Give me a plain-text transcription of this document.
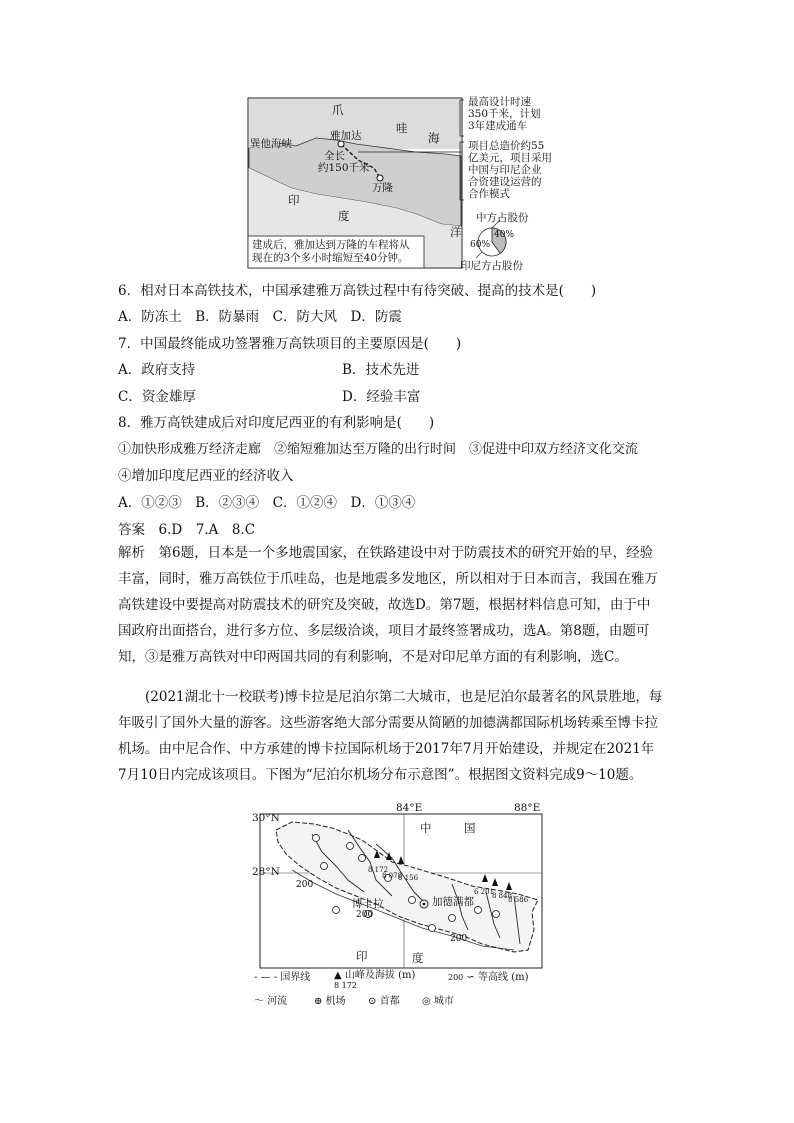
爪
哇
海
巽他海峡
雅加达
全长
约150千米
万隆
印
度
洋
建成后，雅加达到万隆的车程将从
现在的3个多小时缩短至40分钟。
最高设计时速
350千米，计划
3年建成通车
项目总造价约55
亿美元，项目采用
中国与印尼企业
合资建设运营的
合作模式
中方占股份
40%
60%
印尼方占股份
6．相对日本高铁技术，中国承建雅万高铁过程中有待突破、提高的技术是(　　)
A．防冻土　B．防暴雨　C．防大风　D．防震
7．中国最终能成功签署雅万高铁项目的主要原因是(　　)
A．政府支持	B．技术先进
C．资金雄厚	D．经验丰富
8．雅万高铁建成后对印度尼西亚的有利影响是(　　)
①加快形成雅万经济走廊　②缩短雅加达至万隆的出行时间　③促进中印双方经济文化交流
④增加印度尼西亚的经济收入
A．①②③　B．②③④　C．①②④　D．①③④
答案　6.D　7.A　8.C
解析　第6题，日本是一个多地震国家，在铁路建设中对于防震技术的研究开始的早，经验
丰富，同时，雅万高铁位于爪哇岛，也是地震多发地区，所以相对于日本而言，我国在雅万
高铁建设中要提高对防震技术的研究及突破，故选D。第7题，根据材料信息可知，由于中
国政府出面搭台，进行多方位、多层级洽谈，项目才最终签署成功，选A。第8题，由题可
知，③是雅万高铁对中印两国共同的有利影响，不是对印尼单方面的有利影响，选C。
　　(2021湖北十一校联考)博卡拉是尼泊尔第二大城市，也是尼泊尔最著名的风景胜地，每
年吸引了国外大量的游客。这些游客绝大部分需要从简陋的加德满都国际机场转乘至博卡拉
机场。由中尼合作、中方承建的博卡拉国际机场于2017年7月开始建设，并规定在2021年
7月10日内完成该项目。下图为“尼泊尔机场分布示意图”。根据图文资料完成9～10题。
84°E	88°E
30°N
28°N
中	国
印	度
博卡拉	加德满都
200
200
200
8 172
8 078
8 156
6 201
8 848
8 586
- — - 国界线 ▲ 山峰及海拔 (m)
8 172
200 ∽ 等高线 (m)
〜 河流	⊕ 机场 ⊙ 首都 ◎ 城市
